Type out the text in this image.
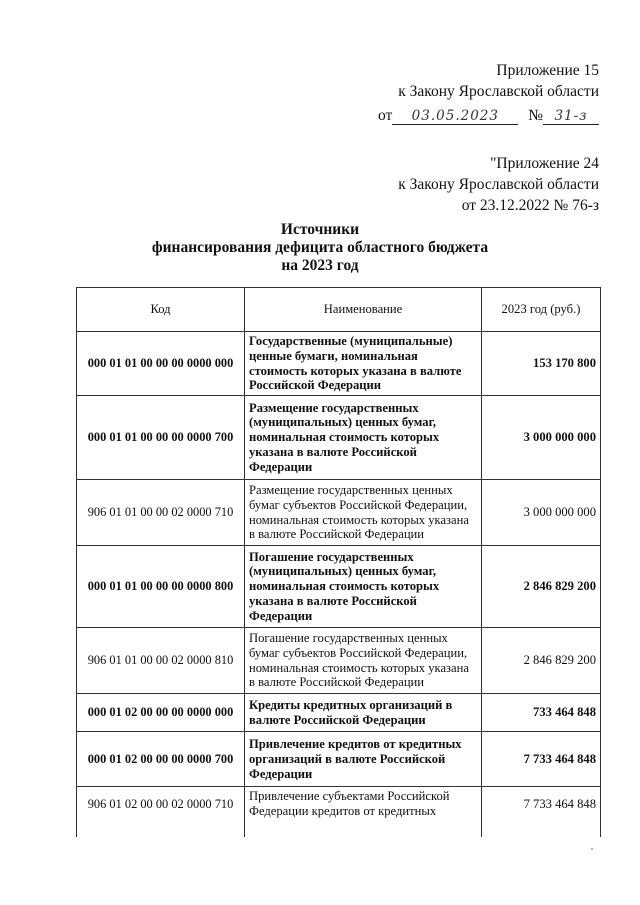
Приложение 15
к Закону Ярославской области
от 03.05.2023 № 31-з
"Приложение 24
к Закону Ярославской области
от 23.12.2022 № 76-з
Источники
финансирования дефицита областного бюджета
на 2023 год
Код	Наименование	2023 год (руб.)
000 01 01 00 00 00 0000 000	Государственные (муниципальные) ценные бумаги, номинальная стоимость которых указана в валюте Российской Федерации	153 170 800
000 01 01 00 00 00 0000 700	Размещение государственных (муниципальных) ценных бумаг, номинальная стоимость которых указана в валюте Российской Федерации	3 000 000 000
906 01 01 00 00 02 0000 710	Размещение государственных ценных бумаг субъектов Российской Федерации, номинальная стоимость которых указана в валюте Российской Федерации	3 000 000 000
000 01 01 00 00 00 0000 800	Погашение государственных (муниципальных) ценных бумаг, номинальная стоимость которых указана в валюте Российской Федерации	2 846 829 200
906 01 01 00 00 02 0000 810	Погашение государственных ценных бумаг субъектов Российской Федерации, номинальная стоимость которых указана в валюте Российской Федерации	2 846 829 200
000 01 02 00 00 00 0000 000	Кредиты кредитных организаций в валюте Российской Федерации	733 464 848
000 01 02 00 00 00 0000 700	Привлечение кредитов от кредитных организаций в валюте Российской Федерации	7 733 464 848
906 01 02 00 00 02 0000 710	Привлечение субъектами Российской Федерации кредитов от кредитных	7 733 464 848
